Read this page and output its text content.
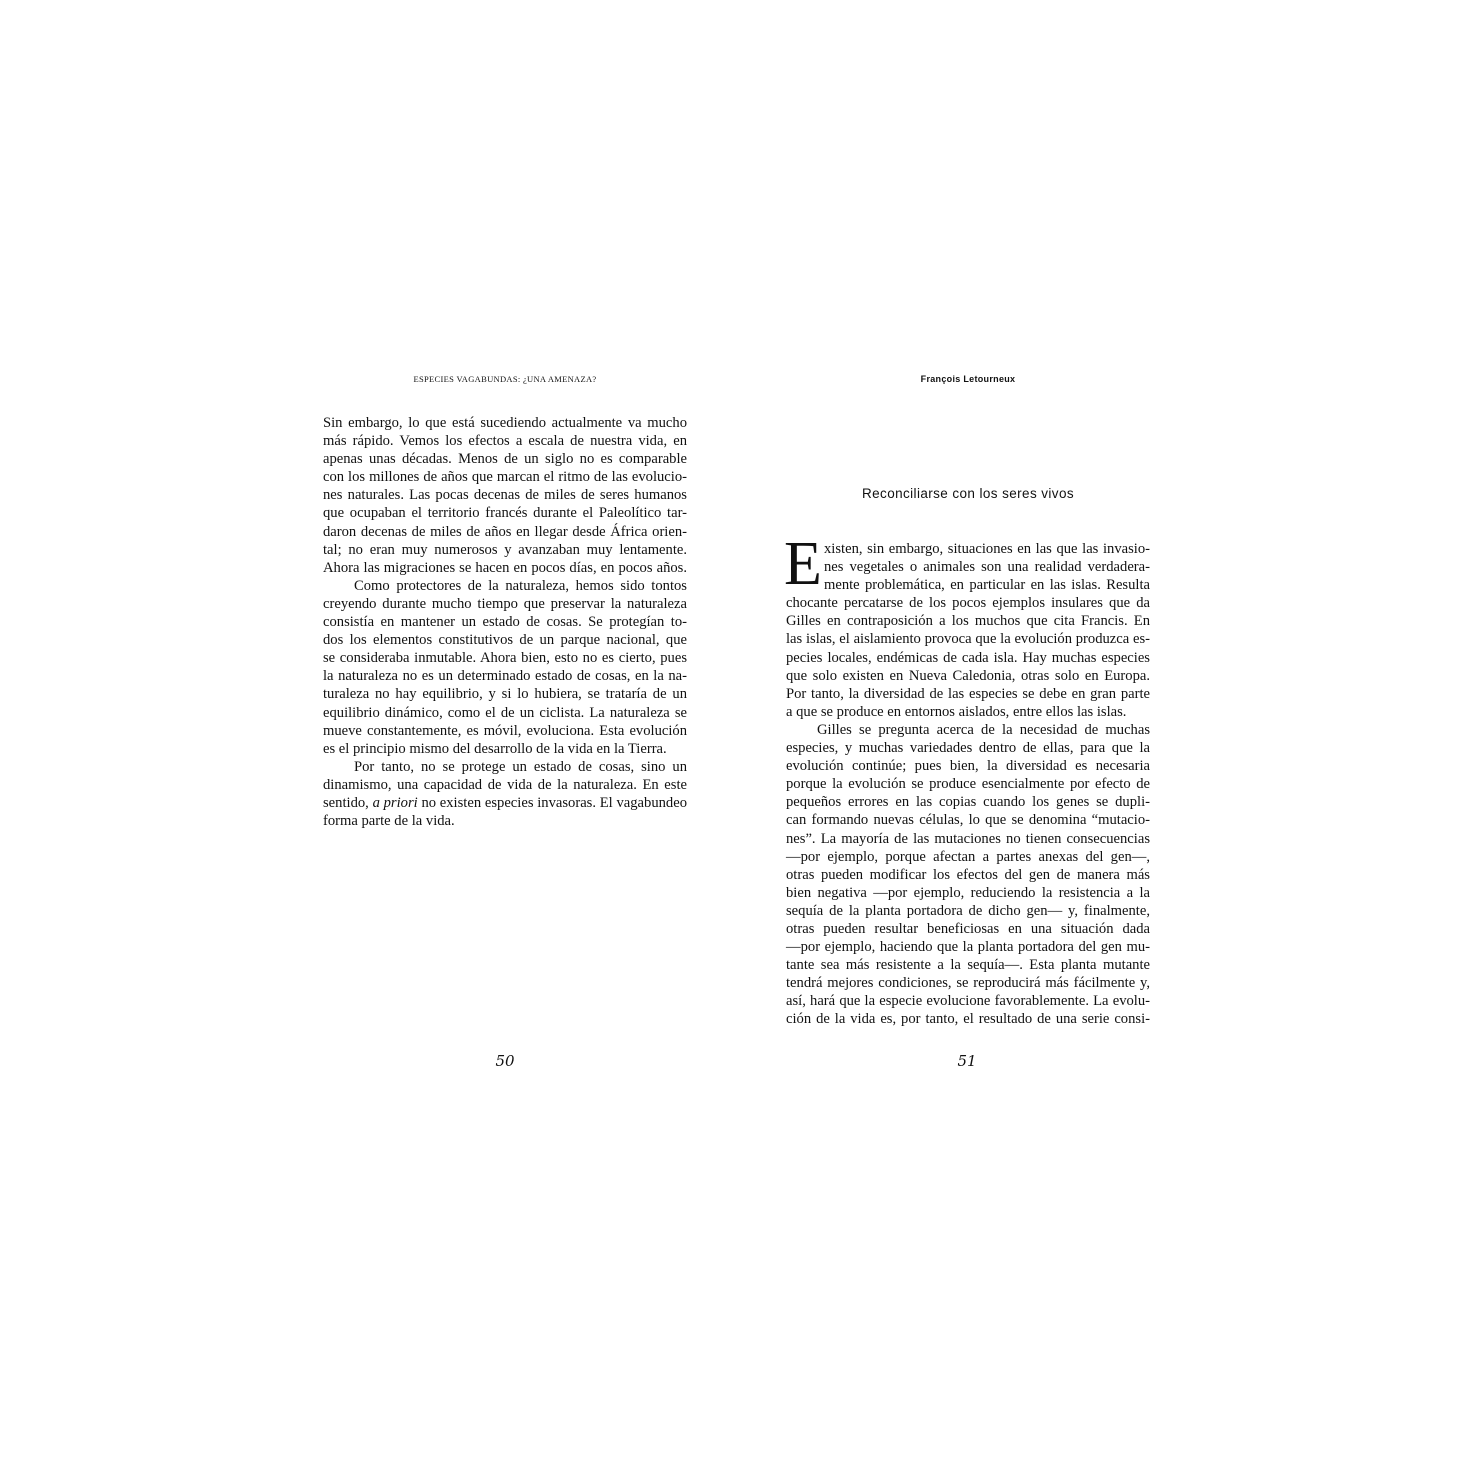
ESPECIES VAGABUNDAS: ¿UNA AMENAZA?
Sin embargo, lo que está sucediendo actualmente va mucho
más rápido. Vemos los efectos a escala de nuestra vida, en
apenas unas décadas. Menos de un siglo no es comparable
con los millones de años que marcan el ritmo de las evolucio-
nes naturales. Las pocas decenas de miles de seres humanos
que ocupaban el territorio francés durante el Paleolítico tar-
daron decenas de miles de años en llegar desde África orien-
tal; no eran muy numerosos y avanzaban muy lentamente.
Ahora las migraciones se hacen en pocos días, en pocos años.
Como protectores de la naturaleza, hemos sido tontos
creyendo durante mucho tiempo que preservar la naturaleza
consistía en mantener un estado de cosas. Se protegían to-
dos los elementos constitutivos de un parque nacional, que
se consideraba inmutable. Ahora bien, esto no es cierto, pues
la naturaleza no es un determinado estado de cosas, en la na-
turaleza no hay equilibrio, y si lo hubiera, se trataría de un
equilibrio dinámico, como el de un ciclista. La naturaleza se
mueve constantemente, es móvil, evoluciona. Esta evolución
es el principio mismo del desarrollo de la vida en la Tierra.
Por tanto, no se protege un estado de cosas, sino un
dinamismo, una capacidad de vida de la naturaleza. En este
sentido, a priori no existen especies invasoras. El vagabundeo
forma parte de la vida.
50
François Letourneux
Reconciliarse con los seres vivos
E xisten, sin embargo, situaciones en las que las invasio-
nes vegetales o animales son una realidad verdadera-
mente problemática, en particular en las islas. Resulta
chocante percatarse de los pocos ejemplos insulares que da
Gilles en contraposición a los muchos que cita Francis. En
las islas, el aislamiento provoca que la evolución produzca es-
pecies locales, endémicas de cada isla. Hay muchas especies
que solo existen en Nueva Caledonia, otras solo en Europa.
Por tanto, la diversidad de las especies se debe en gran parte
a que se produce en entornos aislados, entre ellos las islas.
Gilles se pregunta acerca de la necesidad de muchas
especies, y muchas variedades dentro de ellas, para que la
evolución continúe; pues bien, la diversidad es necesaria
porque la evolución se produce esencialmente por efecto de
pequeños errores en las copias cuando los genes se dupli-
can formando nuevas células, lo que se denomina “mutacio-
nes”. La mayoría de las mutaciones no tienen consecuencias
—por ejemplo, porque afectan a partes anexas del gen—,
otras pueden modificar los efectos del gen de manera más
bien negativa —por ejemplo, reduciendo la resistencia a la
sequía de la planta portadora de dicho gen— y, finalmente,
otras pueden resultar beneficiosas en una situación dada
—por ejemplo, haciendo que la planta portadora del gen mu-
tante sea más resistente a la sequía—. Esta planta mutante
tendrá mejores condiciones, se reproducirá más fácilmente y,
así, hará que la especie evolucione favorablemente. La evolu-
ción de la vida es, por tanto, el resultado de una serie consi-
51
